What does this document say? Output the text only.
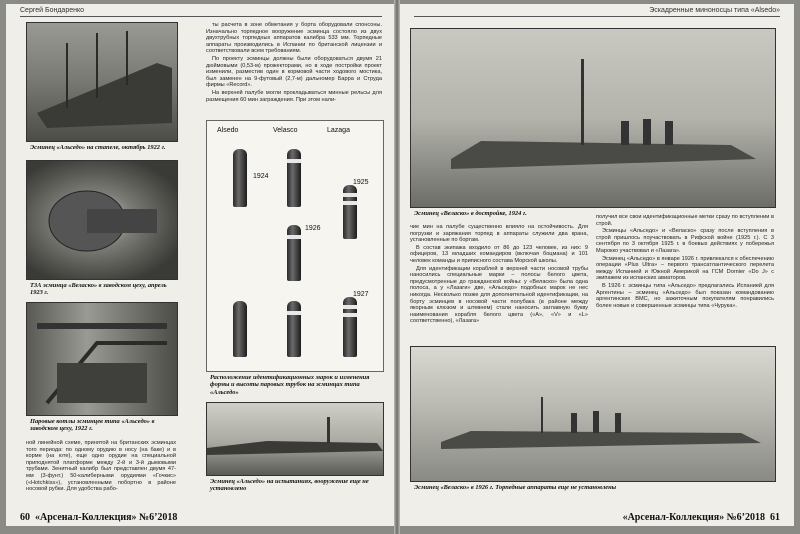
Сергей Бондаренко
Эсминец «Альседо» на стапеле, октябрь 1922 г.
ТЗА эсминца «Веласко» в заводском цеху, апрель 1923 г.
Паровые котлы эсминцев типа «Альседо» в заводском цеху, 1922 г.

ты расчета в зоне обметания у борта оборудовали спонсоны. Изначально торпедное вооружение эсминца состояло из двух двухтрубных торпедных аппаратов калибра 533 мм. Торпедные аппараты производились в Испании по британской лицензии и соответствовали всем требованиям.

По проекту эсминцы должны были оборудоваться двумя 21 дюймовыми (0,53-м) прожекторами, но в ходе постройки проект изменили, разместив один в кормовой части ходового мостика, был заменен на 9-футовый (2,7-м) дальномер Барра и Струда фирмы «Record».

На верхней палубе могли прокладываться минные рельсы для размещения 60 мин заграждения. При этом нали-

Alsedo	Velasco	Lazaga
1924
1925
1926
1927
Расположение идентификационных марок и изменения формы и высоты паровых трубок на эсминцах типа «Альседо»
Эсминец «Альседо» на испытаниях, вооружение еще не установлено

ной линейной схеме, принятой на британских эсминцах того периода: по одному орудию в носу (на баке) и в корме (на юте), еще одно орудие на специальной приподнятой платформе между 2-й и 3-й дымовыми трубами. Зенитный калибр был представлен двумя 47-мм (3-фунт.) 50-калиберными орудиями «Гочкис» («Hotchkiss»), установленными побортно в районе носовой рубки. Для удобства рабо-

60 «Арсенал-Коллекция» №6’2018
Эскадренные миноносцы типа «Alsedo»
Эсминец «Веласко» в достройке, 1924 г.

чие мин на палубе существенно влияло на остойчивость. Для погрузки и заряжания торпед в аппараты служили два крана, установленные по бортам.

В состав экипажа входило от 86 до 123 человек, из них: 9 офицеров, 13 младших командиров (включая боцмана) и 101 человек команды и приписного состава Морской школы.

Для идентификации кораблей в верхней части носовой трубы наносились специальные марки – полосы белого цвета, предусмотренные до гражданской войны: у «Веласко» была одна полоса, а у «Лазаги» две, «Альседо» подобных марок не нес никогда. Несколько позже для дополнительной идентификации, на борту эсминцев в носовой части полубака (в районе между якорным клюзом и штевнем) стали наносить заглавную букву наименования корабля белого цвета («А», «V» и «L» соответственно), «Лазага»

получил все свои идентификационные метки сразу по вступлении в строй.

Эсминцы «Альседо» и «Веласко» сразу после вступления в строй пришлось поучаствовать в Рифской войне (1925 г.). С 3 сентября по 3 октября 1925 г. в боевых действиях у побережья Марокко участвовал и «Лазага».

Эсминец «Альседо» в январе 1926 г. привлекался к обеспечению операции «Plus Ultra» – первого трансатлантического перелета между Испанией и Южной Америкой на ГСМ Dornier «Do J» с экипажем из испанских авиаторов.

В 1926 г. эсминцы типа «Альседо» предлагались Испанией для Аргентины – эсминец «Альседо» был показан командованию аргентинских ВМС, но зажиточным покупателям понравились более новые и совершенные эсминцы типа «Чурука».

Эсминец «Веласко» в 1926 г. Торпедные аппараты еще не установлены
«Арсенал-Коллекция» №6’2018 61
